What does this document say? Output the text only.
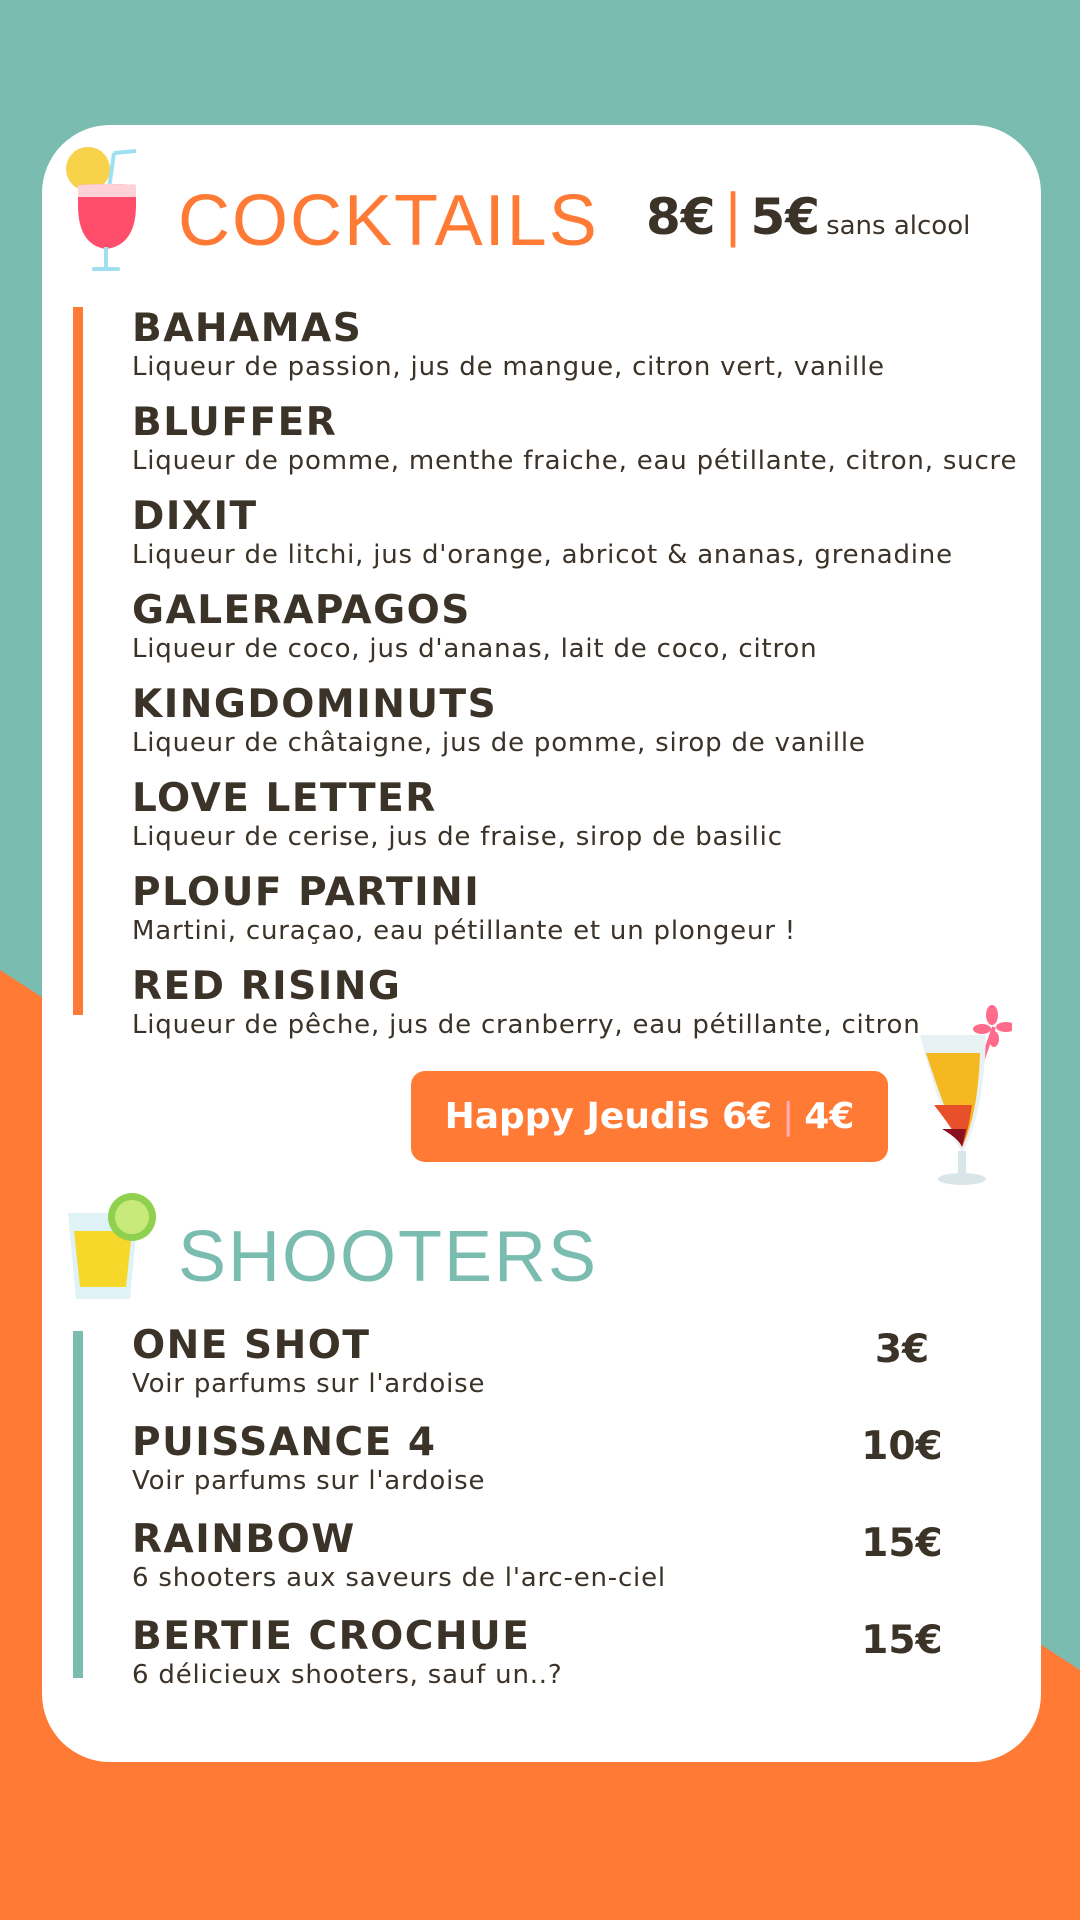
COCKTAILS 8€ | 5€ sans alcool
BAHAMAS
Liqueur de passion, jus de mangue, citron vert, vanille
BLUFFER
Liqueur de pomme, menthe fraiche, eau pétillante, citron, sucre
DIXIT
Liqueur de litchi, jus d'orange, abricot & ananas, grenadine
GALERAPAGOS
Liqueur de coco, jus d'ananas, lait de coco, citron
KINGDOMINUTS
Liqueur de châtaigne, jus de pomme, sirop de vanille
LOVE LETTER
Liqueur de cerise, jus de fraise, sirop de basilic
PLOUF PARTINI
Martini, curaçao, eau pétillante et un plongeur !
RED RISING
Liqueur de pêche, jus de cranberry, eau pétillante, citron
Happy Jeudis 6€ | 4€
SHOOTERS
ONE SHOT
Voir parfums sur l'ardoise
3€
PUISSANCE 4
Voir parfums sur l'ardoise
10€
RAINBOW
6 shooters aux saveurs de l'arc-en-ciel
15€
BERTIE CROCHUE
6 délicieux shooters, sauf un..?
15€
